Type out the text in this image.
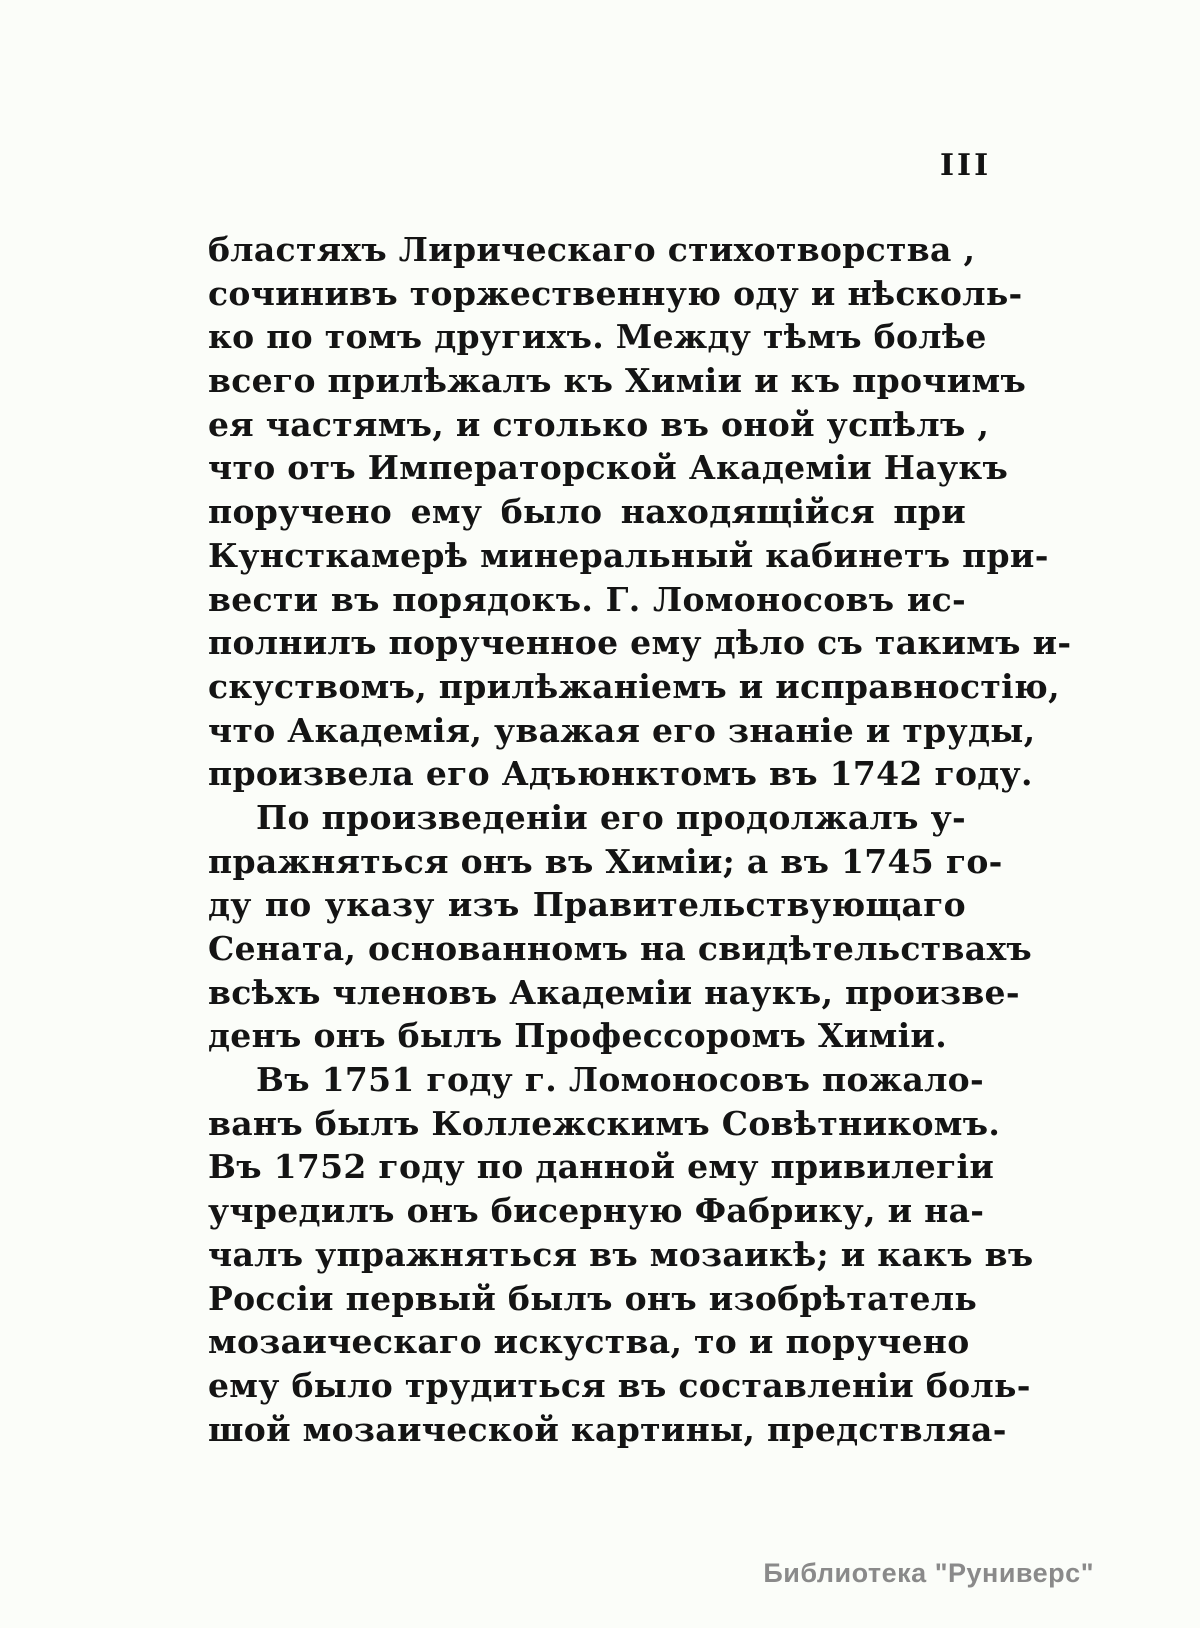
III
бластяхъ Лирическаго стихотворства ,
сочинивъ торжественную оду и нѣсколь-
ко по томъ другихъ. Между тѣмъ болѣе
всего прилѣжалъ къ Химіи и къ прочимъ
ея частямъ, и столько въ оной успѣлъ ,
что отъ Императорской Академіи Наукъ
поручено ему было находящійся при
Кунсткамерѣ минеральный кабинетъ при-
вести въ порядокъ. Г. Ломоносовъ ис-
полнилъ порученное ему дѣло съ такимъ и-
скуствомъ, прилѣжаніемъ и исправностію,
что Академія, уважая его знаніе и труды,
произвела его Адъюнктомъ въ 1742 году.
По произведеніи его продолжалъ у-
пражняться онъ въ Химіи; а въ 1745 го-
ду по указу изъ Правительствующаго
Сената, основанномъ на свидѣтельствахъ
всѣхъ членовъ Академіи наукъ, произве-
денъ онъ былъ Профессоромъ Химіи.
Въ 1751 году г. Ломоносовъ пожало-
ванъ былъ Коллежскимъ Совѣтникомъ.
Въ 1752 году по данной ему привилегіи
учредилъ онъ бисерную Фабрику, и на-
чалъ упражняться въ мозаикѣ; и какъ въ
Россіи первый былъ онъ изобрѣтатель
мозаическаго искуства, то и поручено
ему было трудиться въ составленіи боль-
шой мозаической картины, предствляа-
Библиотека "Руниверс"
